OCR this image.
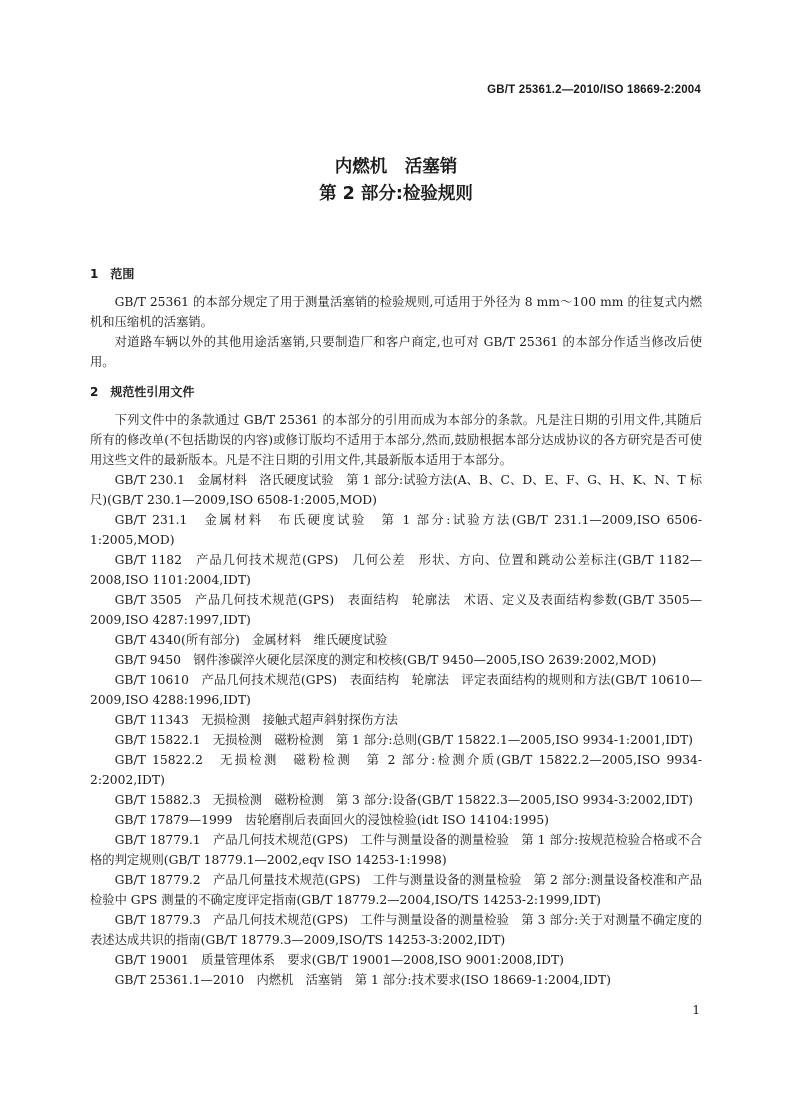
GB/T 25361.2—2010/ISO 18669-2:2004
内燃机　活塞销
第 2 部分:检验规则

1　范围

GB/T 25361 的本部分规定了用于测量活塞销的检验规则,可适用于外径为 8 mm～100 mm 的往复式内燃机和压缩机的活塞销。

对道路车辆以外的其他用途活塞销,只要制造厂和客户商定,也可对 GB/T 25361 的本部分作适当修改后使用。

2　规范性引用文件

下列文件中的条款通过 GB/T 25361 的本部分的引用而成为本部分的条款。凡是注日期的引用文件,其随后所有的修改单(不包括勘误的内容)或修订版均不适用于本部分,然而,鼓励根据本部分达成协议的各方研究是否可使用这些文件的最新版本。凡是不注日期的引用文件,其最新版本适用于本部分。

GB/T 230.1　金属材料　洛氏硬度试验　第 1 部分:试验方法(A、B、C、D、E、F、G、H、K、N、T 标尺)(GB/T 230.1—2009,ISO 6508-1:2005,MOD)

GB/T 231.1　金属材料　布氏硬度试验　第 1 部分:试验方法(GB/T 231.1—2009,ISO 6506-1:2005,MOD)

GB/T 1182　产品几何技术规范(GPS)　几何公差　形状、方向、位置和跳动公差标注(GB/T 1182—2008,ISO 1101:2004,IDT)

GB/T 3505　产品几何技术规范(GPS)　表面结构　轮廓法　术语、定义及表面结构参数(GB/T 3505—2009,ISO 4287:1997,IDT)

GB/T 4340(所有部分)　金属材料　维氏硬度试验

GB/T 9450　钢件渗碳淬火硬化层深度的测定和校核(GB/T 9450—2005,ISO 2639:2002,MOD)

GB/T 10610　产品几何技术规范(GPS)　表面结构　轮廓法　评定表面结构的规则和方法(GB/T 10610—2009,ISO 4288:1996,IDT)

GB/T 11343　无损检测　接触式超声斜射探伤方法

GB/T 15822.1　无损检测　磁粉检测　第 1 部分:总则(GB/T 15822.1—2005,ISO 9934-1:2001,IDT)

GB/T 15822.2　无损检测　磁粉检测　第 2 部分:检测介质(GB/T 15822.2—2005,ISO 9934-2:2002,IDT)

GB/T 15882.3　无损检测　磁粉检测　第 3 部分:设备(GB/T 15822.3—2005,ISO 9934-3:2002,IDT)

GB/T 17879—1999　齿轮磨削后表面回火的浸蚀检验(idt ISO 14104:1995)

GB/T 18779.1　产品几何技术规范(GPS)　工件与测量设备的测量检验　第 1 部分:按规范检验合格或不合格的判定规则(GB/T 18779.1—2002,eqv ISO 14253-1:1998)

GB/T 18779.2　产品几何量技术规范(GPS)　工件与测量设备的测量检验　第 2 部分:测量设备校准和产品检验中 GPS 测量的不确定度评定指南(GB/T 18779.2—2004,ISO/TS 14253-2:1999,IDT)

GB/T 18779.3　产品几何技术规范(GPS)　工件与测量设备的测量检验　第 3 部分:关于对测量不确定度的表述达成共识的指南(GB/T 18779.3—2009,ISO/TS 14253-3:2002,IDT)

GB/T 19001　质量管理体系　要求(GB/T 19001—2008,ISO 9001:2008,IDT)

GB/T 25361.1—2010　内燃机　活塞销　第 1 部分:技术要求(ISO 18669-1:2004,IDT)

1
